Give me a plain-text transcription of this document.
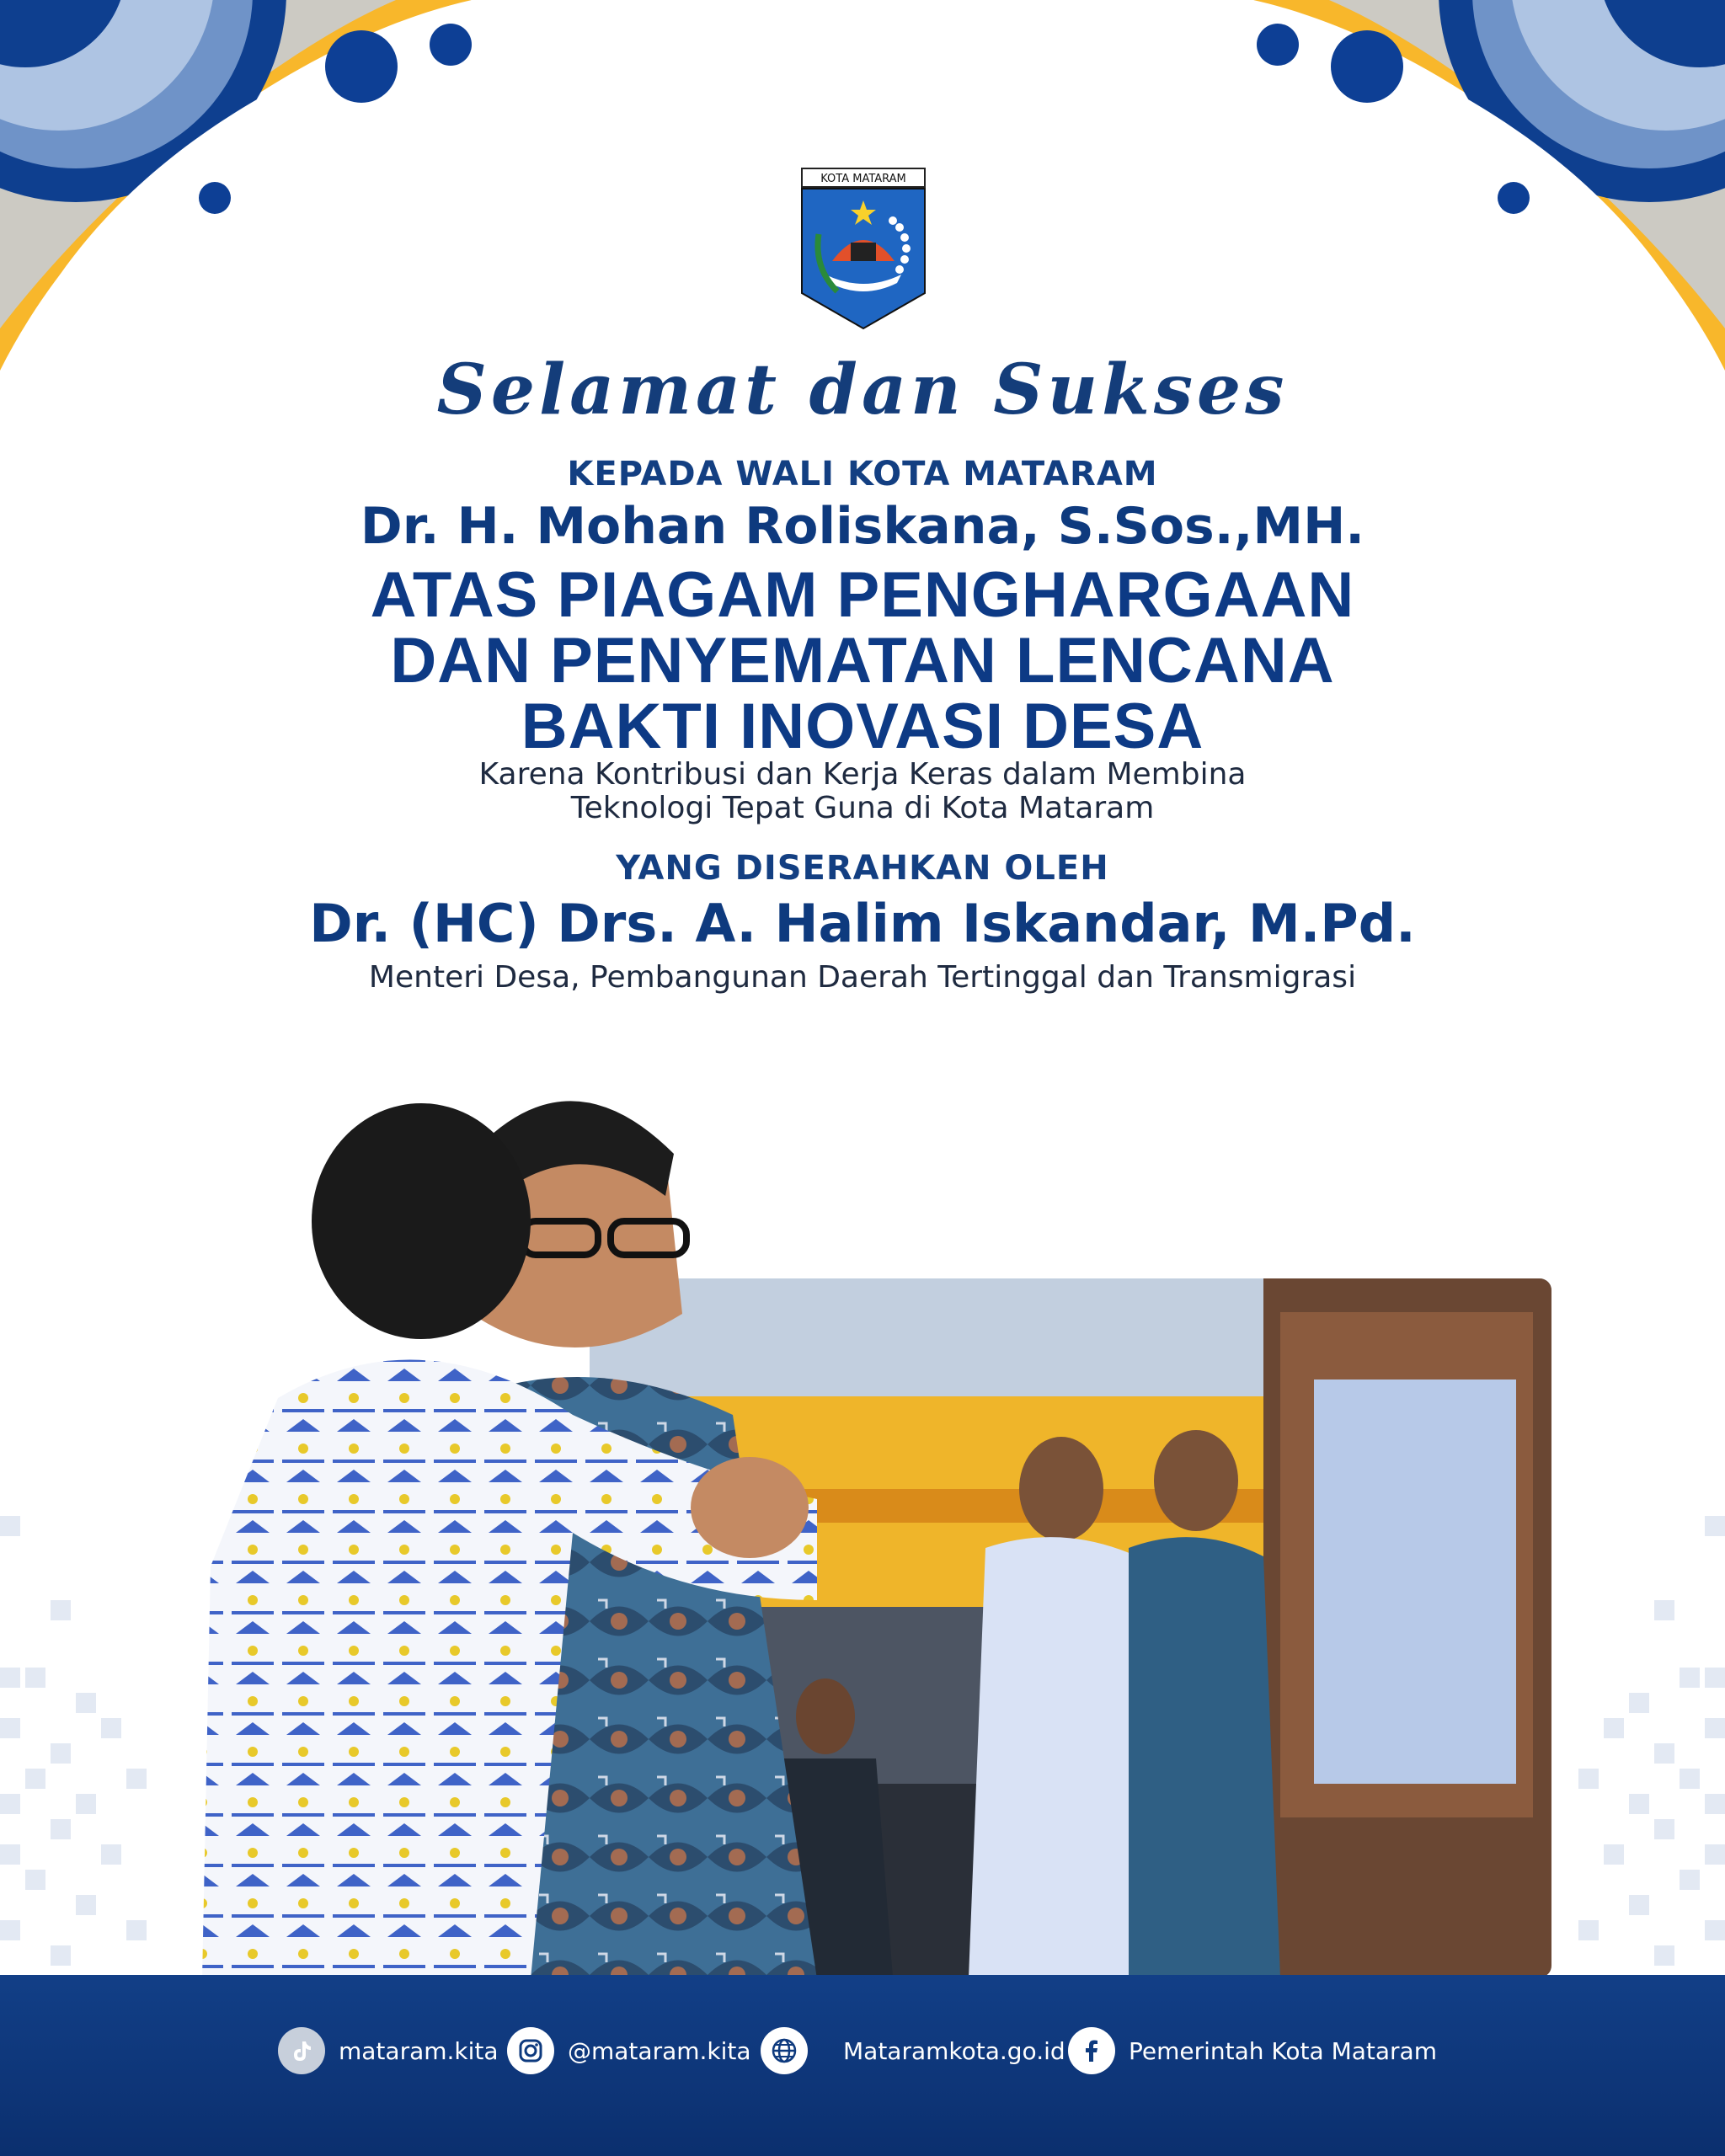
KOTA MATARAM
Selamat dan Sukses
KEPADA WALI KOTA MATARAM
Dr. H. Mohan Roliskana, S.Sos.,MH.
ATAS PIAGAM PENGHARGAAN
DAN PENYEMATAN LENCANA
BAKTI INOVASI DESA
Karena Kontribusi dan Kerja Keras dalam Membina
Teknologi Tepat Guna di Kota Mataram
YANG DISERAHKAN OLEH
Dr. (HC) Drs. A. Halim Iskandar, M.Pd.
Menteri Desa, Pembangunan Daerah Tertinggal dan Transmigrasi
mataram.kita	@mataram.kita	Mataramkota.go.id	Pemerintah Kota Mataram
